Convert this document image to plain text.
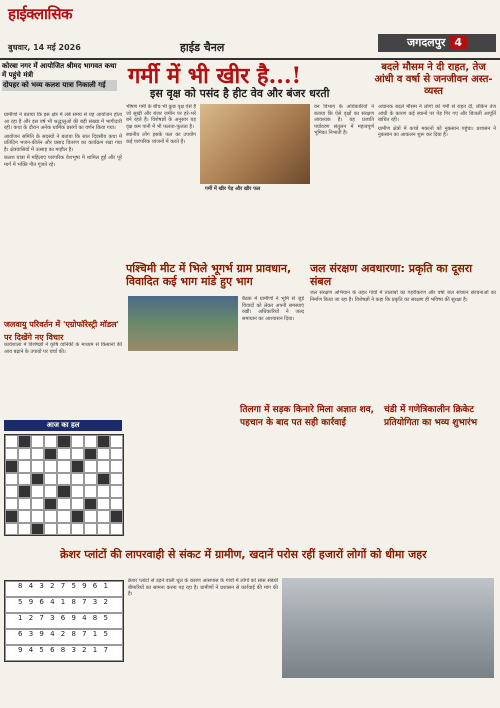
हाईक्लासिक
बुधवार, 14 मई 2026	हाईड चैनल	जगदलपुर 4
कोरबा नगर में आयोजित श्रीमद भागवत कथा में पहुंचे मंत्री
दोपहर को भव्य कलश यात्रा निकाली गई	गर्मी में भी खीर है...!	बदले मौसम ने दी राहत, तेज आंधी व वर्षा से जनजीवन अस्त-व्यस्त
इस वृक्ष को पसंद है हीट वेव और बंजर धरती

ग्रामीणों ने बताया कि इस क्षेत्र में लंबे समय से यह आयोजन होता आ रहा है और इस वर्ष भी श्रद्धालुओं की बड़ी संख्या में भागीदारी रही। कथा के दौरान अनेक धार्मिक प्रसंगों का वर्णन किया गया।

आयोजन समिति के सदस्यों ने बताया कि सात दिवसीय कथा में प्रतिदिन भजन-कीर्तन और प्रसाद वितरण का कार्यक्रम रखा गया है। क्षेत्रवासियों में उत्साह का माहौल है।

कलश यात्रा में महिलाएं पारंपरिक वेशभूषा में शामिल हुईं और पूरे मार्ग में भक्ति गीत गूंजते रहे।

गर्मी में खीर पेड़ और खीर फल

भीषण गर्मी के बीच भी कुछ वृक्ष ऐसे हैं जो सूखी और बंजर जमीन पर हरे-भरे बने रहते हैं। विशेषज्ञों के अनुसार यह वृक्ष कम पानी में भी फलता-फूलता है।

स्थानीय लोग इसके फल का उपयोग कई पारंपरिक व्यंजनों में करते हैं।

वन विभाग के अधिकारियों ने बताया कि ऐसे वृक्षों का संरक्षण आवश्यक है। यह प्रजाति पर्यावरण संतुलन में महत्वपूर्ण भूमिका निभाती है।

अचानक बदले मौसम ने लोगों को गर्मी से राहत दी, लेकिन तेज आंधी के कारण कई स्थानों पर पेड़ गिर गए और बिजली आपूर्ति बाधित रही।

ग्रामीण क्षेत्रों में कच्चे मकानों को नुकसान पहुंचा। प्रशासन ने नुकसान का आकलन शुरू कर दिया है।

जलवायु परिवर्तन में 'एग्रोफॉरेस्ट्री मॉडल' पर दिखेंगे नए विचार

कार्यशाला में विशेषज्ञों ने कृषि वानिकी के माध्यम से किसानों की आय बढ़ाने के उपायों पर चर्चा की।

पश्चिमी मीट में भिले भूगर्भ ग्राम प्रावधान, विवादित कई भाग मांडे हुए भाग

बैठक में ग्रामीणों ने भूमि से जुड़े विवादों को लेकर अपनी समस्याएं रखीं। अधिकारियों ने जल्द समाधान का आश्वासन दिया।

जल संरक्षण अवधारणा: प्रकृति का दूसरा संबल

जल संरक्षण अभियान के तहत गांवों में तालाबों का गहरीकरण और वर्षा जल संचयन संरचनाओं का निर्माण किया जा रहा है। विशेषज्ञों ने कहा कि प्रकृति का संरक्षण ही भविष्य की सुरक्षा है।

तिलगा में सड़क किनारे मिला अज्ञात शव, पहचान के बाद पत सही कार्रवाई
चंडी में गणेत्रिकालीन क्रिकेट प्रतियोगिता का भव्य शुभारंभ
आज का हल
8 4 3 2 7 5 9 6 1
5 9 6 4 1 8 7 3 2
1 2 7 3 6 9 4 8 5
6 3 9 4 2 8 7 1 5
9 4 5 6 8 3 2 1 7
क्रेशर प्लांटों की लापरवाही से संकट में ग्रामीण, खदानें परोस रहीं हजारों लोगों को धीमा जहर

क्रेशर प्लांटों से उड़ने वाली धूल के कारण आसपास के गांवों में लोगों को सांस संबंधी बीमारियों का सामना करना पड़ रहा है। ग्रामीणों ने प्रशासन से कार्रवाई की मांग की है।
